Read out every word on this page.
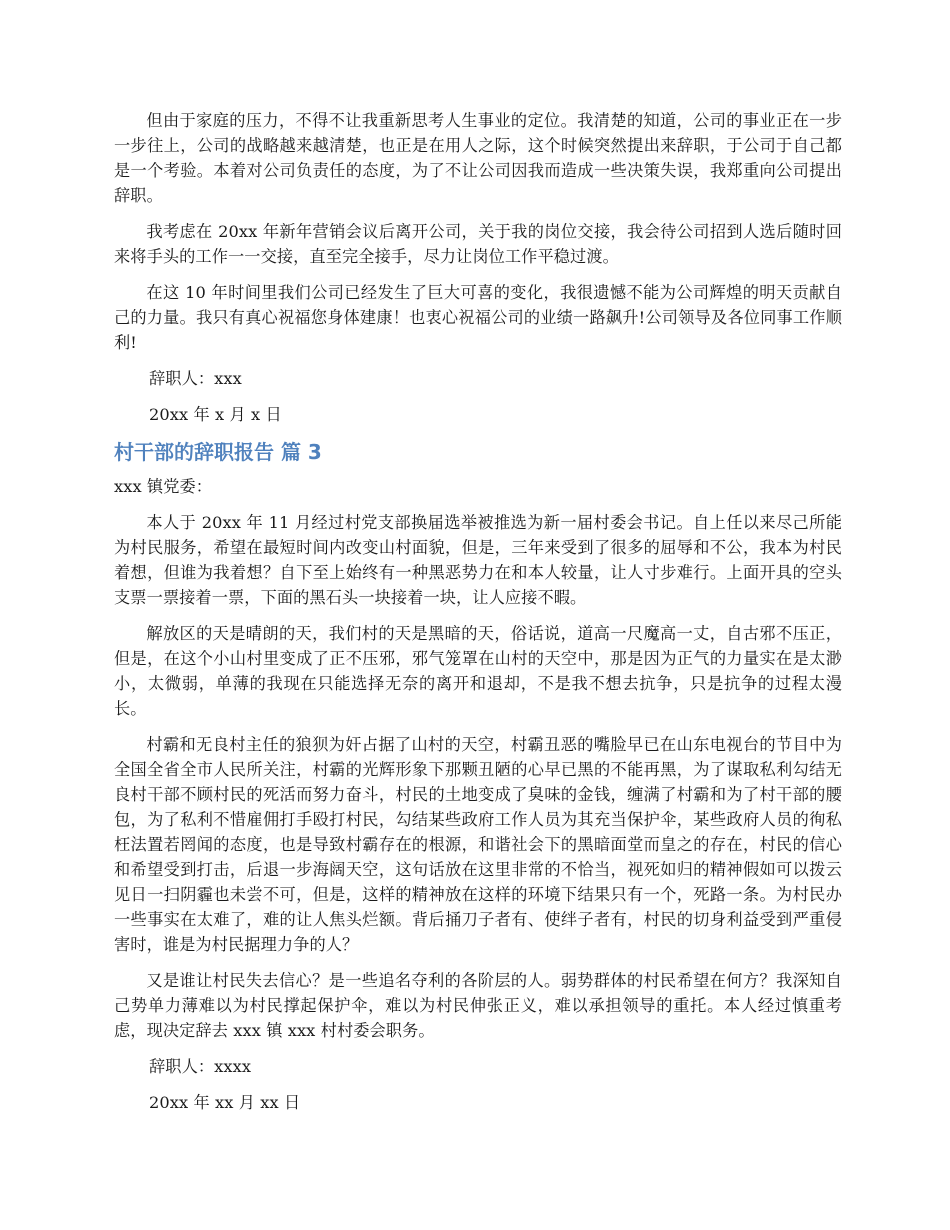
但由于家庭的压力，不得不让我重新思考人生事业的定位。我清楚的知道，公司的事业正在一步一步往上，公司的战略越来越清楚，也正是在用人之际，这个时候突然提出来辞职，于公司于自己都是一个考验。本着对公司负责任的态度，为了不让公司因我而造成一些决策失误，我郑重向公司提出辞职。

我考虑在 20xx 年新年营销会议后离开公司，关于我的岗位交接，我会待公司招到人选后随时回来将手头的工作一一交接，直至完全接手，尽力让岗位工作平稳过渡。

在这 10 年时间里我们公司已经发生了巨大可喜的变化，我很遗憾不能为公司辉煌的明天贡献自己的力量。我只有真心祝福您身体建康！也衷心祝福公司的业绩一路飙升!公司领导及各位同事工作顺利!

辞职人：xxx

20xx 年 x 月 x 日

村干部的辞职报告 篇 3

xxx 镇党委：

本人于 20xx 年 11 月经过村党支部换届选举被推选为新一届村委会书记。自上任以来尽己所能为村民服务，希望在最短时间内改变山村面貌，但是，三年来受到了很多的屈辱和不公，我本为村民着想，但谁为我着想？自下至上始终有一种黑恶势力在和本人较量，让人寸步难行。上面开具的空头支票一票接着一票，下面的黑石头一块接着一块，让人应接不暇。

解放区的天是晴朗的天，我们村的天是黑暗的天，俗话说，道高一尺魔高一丈，自古邪不压正，但是，在这个小山村里变成了正不压邪，邪气笼罩在山村的天空中，那是因为正气的力量实在是太渺小，太微弱，单薄的我现在只能选择无奈的离开和退却，不是我不想去抗争，只是抗争的过程太漫长。

村霸和无良村主任的狼狈为奸占据了山村的天空，村霸丑恶的嘴脸早已在山东电视台的节目中为全国全省全市人民所关注，村霸的光辉形象下那颗丑陋的心早已黑的不能再黑，为了谋取私利勾结无良村干部不顾村民的死活而努力奋斗，村民的土地变成了臭味的金钱，缠满了村霸和为了村干部的腰包，为了私利不惜雇佣打手殴打村民，勾结某些政府工作人员为其充当保护伞，某些政府人员的徇私枉法置若罔闻的态度，也是导致村霸存在的根源，和谐社会下的黑暗面堂而皇之的存在，村民的信心和希望受到打击，后退一步海阔天空，这句话放在这里非常的不恰当，视死如归的精神假如可以拨云见日一扫阴霾也未尝不可，但是，这样的精神放在这样的环境下结果只有一个，死路一条。为村民办一些事实在太难了，难的让人焦头烂额。背后捅刀子者有、使绊子者有，村民的切身利益受到严重侵害时，谁是为村民据理力争的人？

又是谁让村民失去信心？是一些追名夺利的各阶层的人。弱势群体的村民希望在何方？我深知自己势单力薄难以为村民撑起保护伞，难以为村民伸张正义，难以承担领导的重托。本人经过慎重考虑，现决定辞去 xxx 镇 xxx 村村委会职务。

辞职人：xxxx

20xx 年 xx 月 xx 日
